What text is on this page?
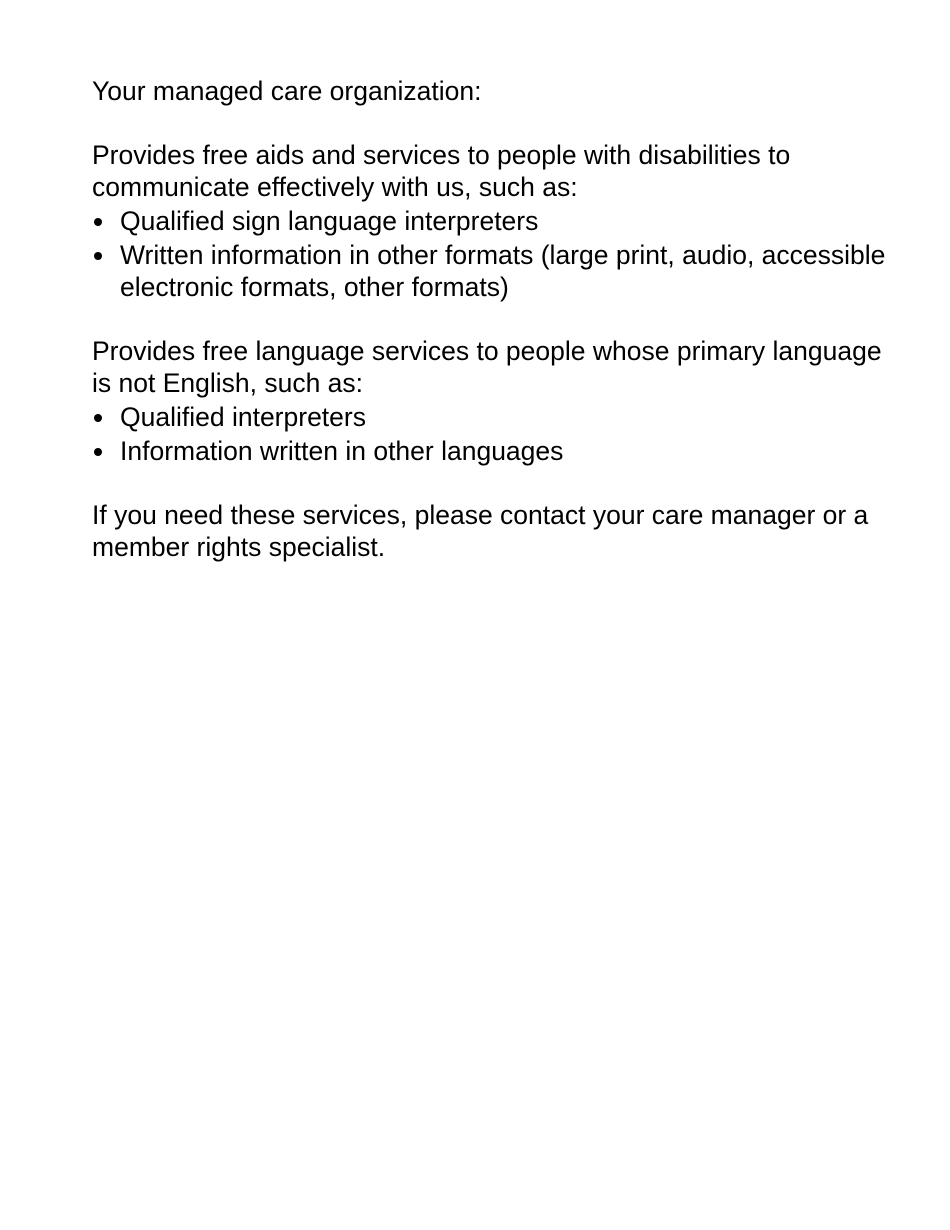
Your managed care organization:

Provides free aids and services to people with disabilities to communicate effectively with us, such as:

Qualified sign language interpreters
Written information in other formats (large print, audio, accessible electronic formats, other formats)

Provides free language services to people whose primary language is not English, such as:

Qualified interpreters
Information written in other languages

If you need these services, please contact your care manager or a member rights specialist.
